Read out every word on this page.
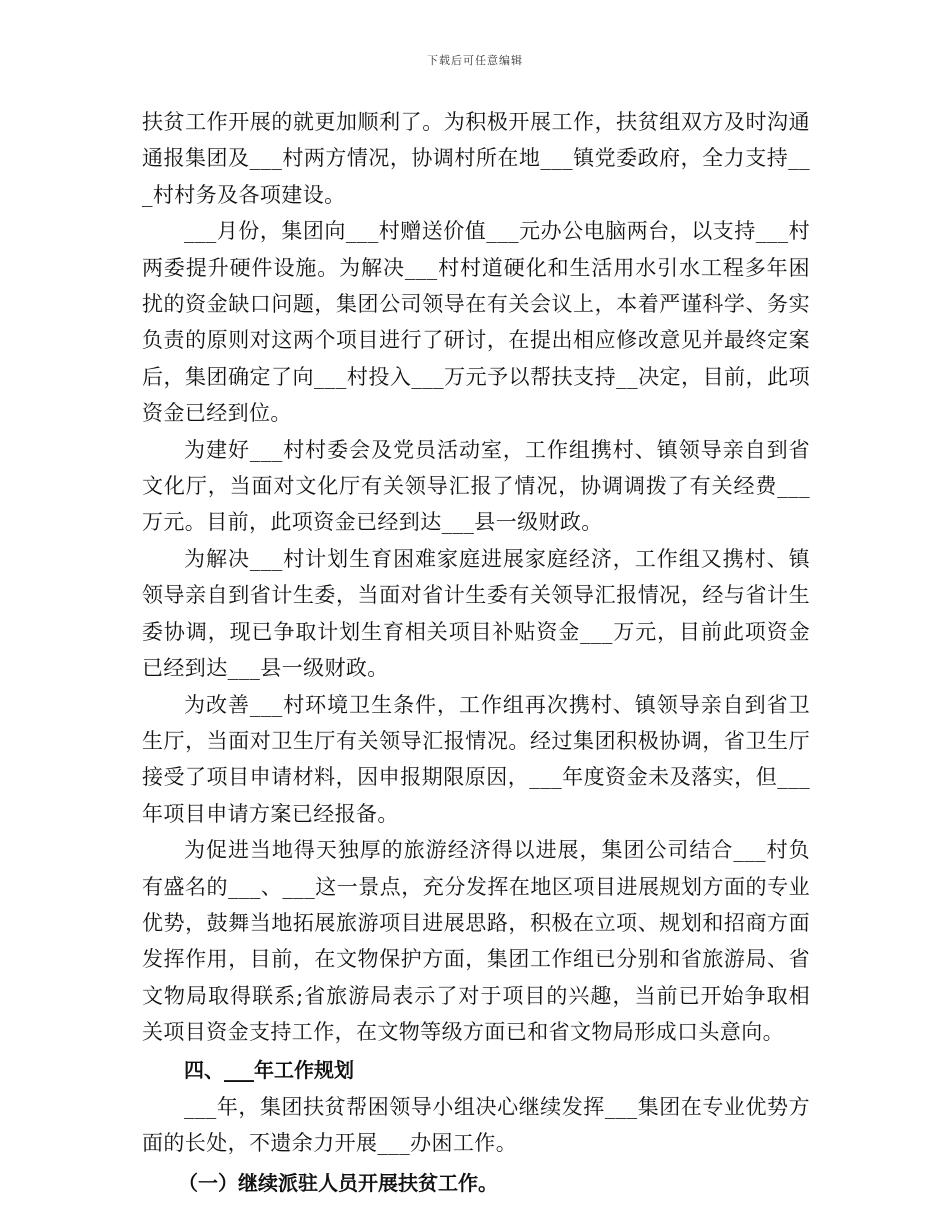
下载后可任意编辑

扶贫工作开展的就更加顺利了。为积极开展工作，扶贫组双方及时沟通通报集团及___村两方情况，协调村所在地___镇党委政府，全力支持___村村务及各项建设。

___月份，集团向___村赠送价值___元办公电脑两台，以支持___村两委提升硬件设施。为解决___村村道硬化和生活用水引水工程多年困扰的资金缺口问题，集团公司领导在有关会议上，本着严谨科学、务实负责的原则对这两个项目进行了研讨，在提出相应修改意见并最终定案后，集团确定了向___村投入___万元予以帮扶支持__决定，目前，此项资金已经到位。

为建好___村村委会及党员活动室，工作组携村、镇领导亲自到省文化厅，当面对文化厅有关领导汇报了情况，协调调拨了有关经费___万元。目前，此项资金已经到达___县一级财政。

为解决___村计划生育困难家庭进展家庭经济，工作组又携村、镇领导亲自到省计生委，当面对省计生委有关领导汇报情况，经与省计生委协调，现已争取计划生育相关项目补贴资金___万元，目前此项资金已经到达___县一级财政。

为改善___村环境卫生条件，工作组再次携村、镇领导亲自到省卫生厅，当面对卫生厅有关领导汇报情况。经过集团积极协调，省卫生厅接受了项目申请材料，因申报期限原因，___年度资金未及落实，但___年项目申请方案已经报备。

为促进当地得天独厚的旅游经济得以进展，集团公司结合___村负有盛名的___、___这一景点，充分发挥在地区项目进展规划方面的专业优势，鼓舞当地拓展旅游项目进展思路，积极在立项、规划和招商方面发挥作用，目前，在文物保护方面，集团工作组已分别和省旅游局、省文物局取得联系;省旅游局表示了对于项目的兴趣，当前已开始争取相关项目资金支持工作，在文物等级方面已和省文物局形成口头意向。

四、___年工作规划

___年，集团扶贫帮困领导小组决心继续发挥___集团在专业优势方面的长处，不遗余力开展___办困工作。

（一）继续派驻人员开展扶贫工作。
